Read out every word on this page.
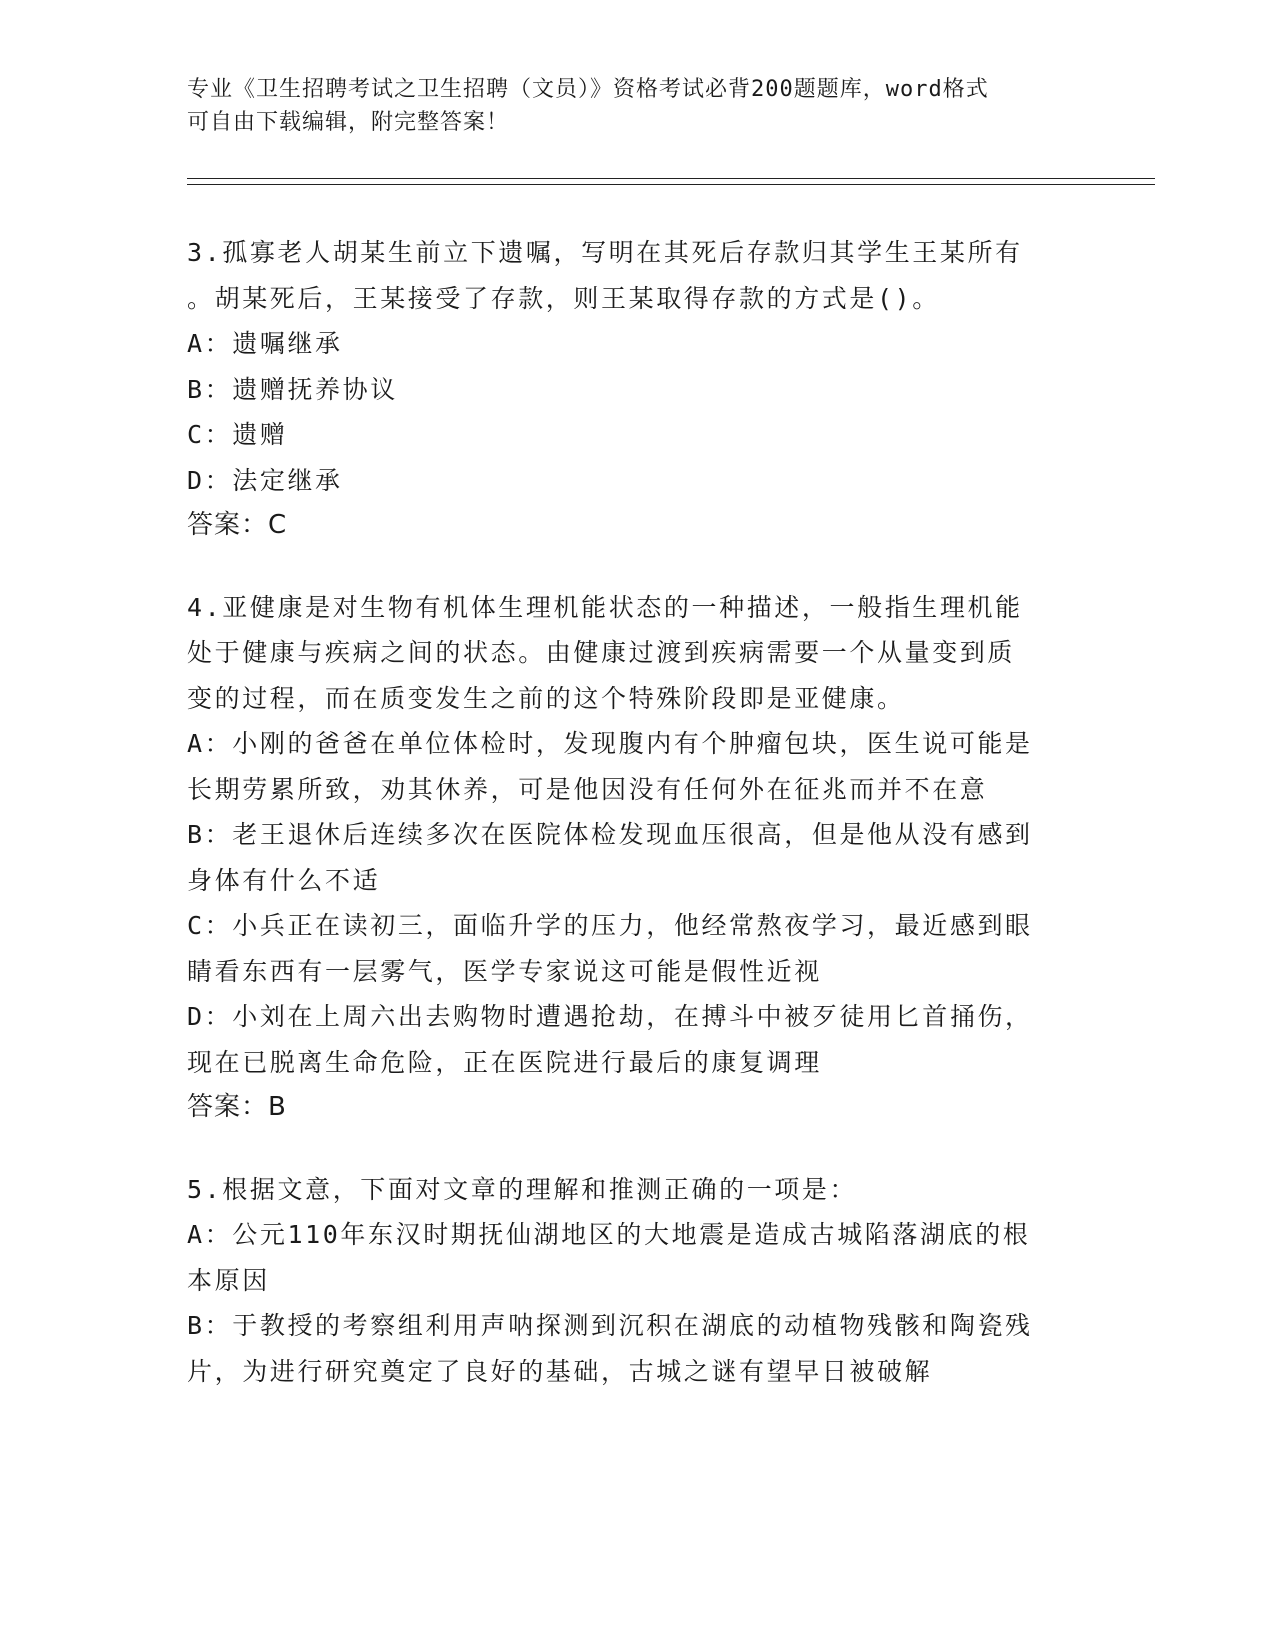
专业《卫生招聘考试之卫生招聘（文员）》资格考试必背200题题库，word格式
可自由下载编辑，附完整答案！
3.孤寡老人胡某生前立下遗嘱，写明在其死后存款归其学生王某所有
。胡某死后，王某接受了存款，则王某取得存款的方式是()。
A：遗嘱继承
B：遗赠抚养协议
C：遗赠
D：法定继承
答案：C
4.亚健康是对生物有机体生理机能状态的一种描述，一般指生理机能
处于健康与疾病之间的状态。由健康过渡到疾病需要一个从量变到质
变的过程，而在质变发生之前的这个特殊阶段即是亚健康。
A：小刚的爸爸在单位体检时，发现腹内有个肿瘤包块，医生说可能是
长期劳累所致，劝其休养，可是他因没有任何外在征兆而并不在意
B：老王退休后连续多次在医院体检发现血压很高，但是他从没有感到
身体有什么不适
C：小兵正在读初三，面临升学的压力，他经常熬夜学习，最近感到眼
睛看东西有一层雾气，医学专家说这可能是假性近视
D：小刘在上周六出去购物时遭遇抢劫，在搏斗中被歹徒用匕首捅伤，
现在已脱离生命危险，正在医院进行最后的康复调理
答案：B
5.根据文意，下面对文章的理解和推测正确的一项是：
A：公元110年东汉时期抚仙湖地区的大地震是造成古城陷落湖底的根
本原因
B：于教授的考察组利用声呐探测到沉积在湖底的动植物残骸和陶瓷残
片，为进行研究奠定了良好的基础，古城之谜有望早日被破解
